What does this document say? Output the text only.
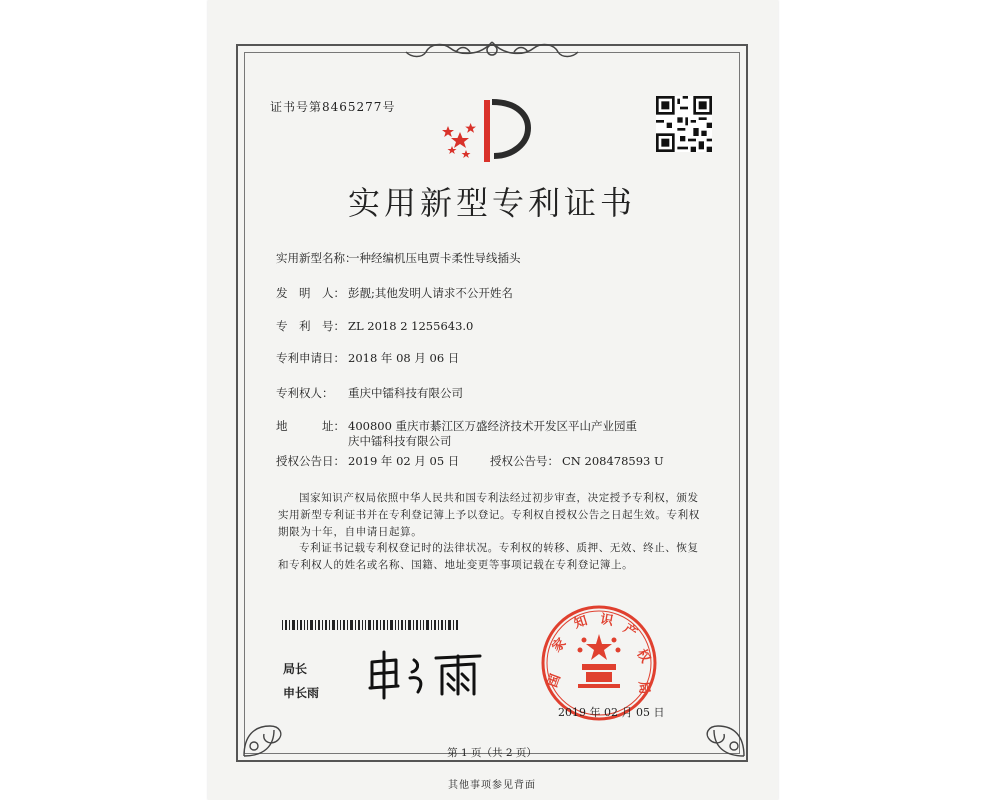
证书号第8465277号
实用新型专利证书
实用新型名称：一种经编机压电贾卡柔性导线插头
发　明　人： 彭靓;其他发明人请求不公开姓名
专　利　号： ZL 2018 2 1255643.0
专利申请日： 2018 年 08 月 06 日
专利权人： 重庆中镭科技有限公司
地　　　址： 400800 重庆市綦江区万盛经济技术开发区平山产业园重
庆中镭科技有限公司
授权公告日： 2019 年 02 月 05 日	授权公告号： CN 208478593 U
国家知识产权局依照中华人民共和国专利法经过初步审查，决定授予专利权，颁发实用新型专利证书并在专利登记簿上予以登记。专利权自授权公告之日起生效。专利权期限为十年，自申请日起算。
专利证书记载专利权登记时的法律状况。专利权的转移、质押、无效、终止、恢复和专利权人的姓名或名称、国籍、地址变更等事项记载在专利登记簿上。
局长
申长雨
国
家
知 识
产
权
局
2019 年 02 月 05 日
第 1 页（共 2 页）
其他事项参见背面
